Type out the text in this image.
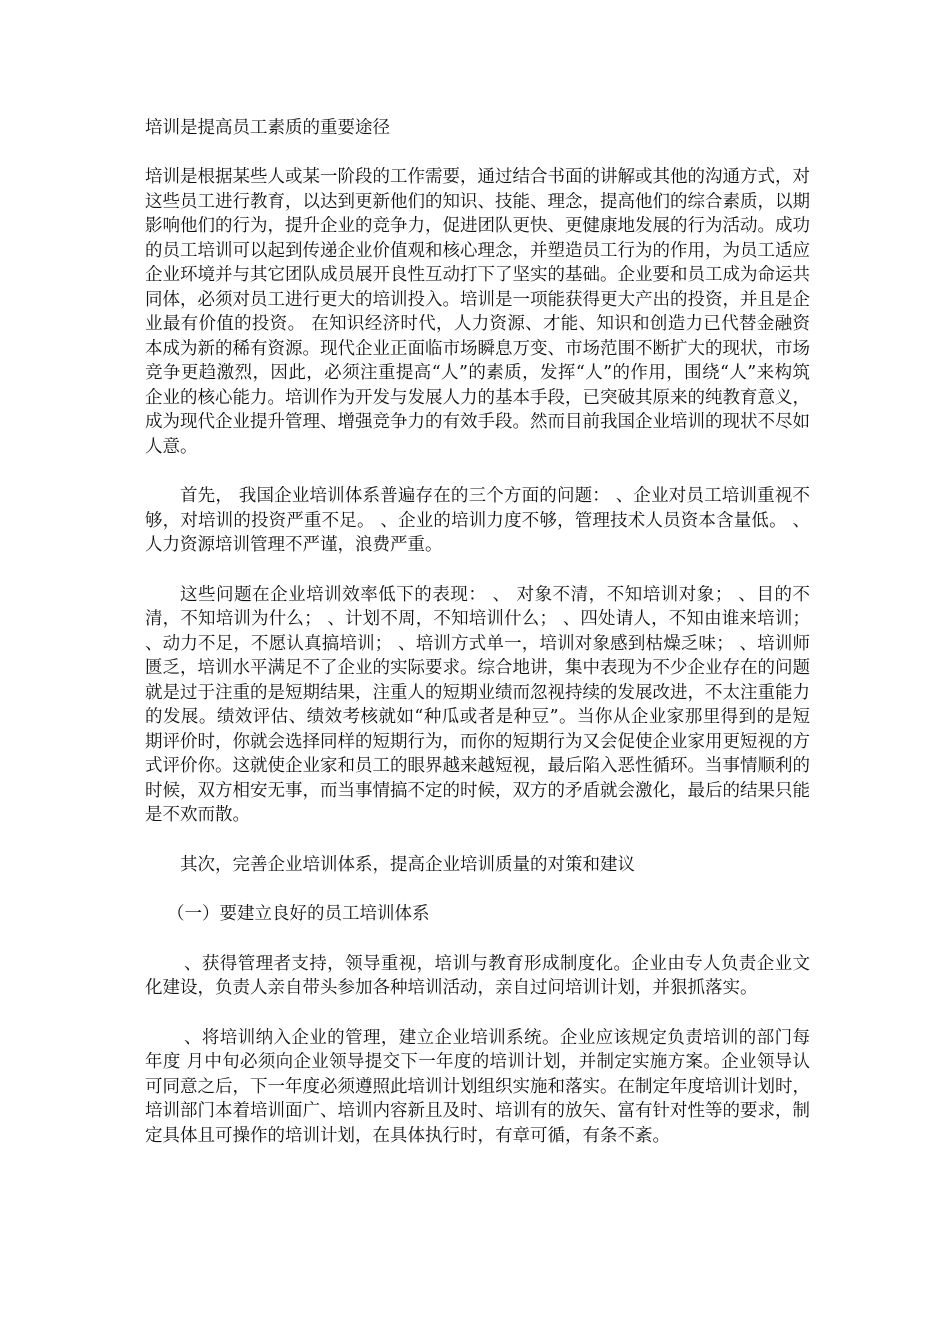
培训是提高员工素质的重要途径
培训是根据某些人或某一阶段的工作需要，通过结合书面的讲解或其他的沟通方式，对这些员工进行教育，以达到更新他们的知识、技能、理念，提高他们的综合素质，以期影响他们的行为，提升企业的竞争力，促进团队更快、更健康地发展的行为活动。成功的员工培训可以起到传递企业价值观和核心理念，并塑造员工行为的作用，为员工适应企业环境并与其它团队成员展开良性互动打下了坚实的基础。企业要和员工成为命运共同体，必须对员工进行更大的培训投入。培训是一项能获得更大产出的投资，并且是企业最有价值的投资。 在知识经济时代，人力资源、才能、知识和创造力已代替金融资本成为新的稀有资源。现代企业正面临市场瞬息万变、市场范围不断扩大的现状，市场竞争更趋激烈，因此，必须注重提高“人”的素质，发挥“人”的作用，围绕“人”来构筑企业的核心能力。培训作为开发与发展人力的基本手段，已突破其原来的纯教育意义，成为现代企业提升管理、增强竞争力的有效手段。然而目前我国企业培训的现状不尽如人意。
首先， 我国企业培训体系普遍存在的三个方面的问题： 、企业对员工培训重视不够，对培训的投资严重不足。 、企业的培训力度不够，管理技术人员资本含量低。 、人力资源培训管理不严谨，浪费严重。
这些问题在企业培训效率低下的表现： 、 对象不清，不知培训对象； 、目的不清，不知培训为什么； 、计划不周，不知培训什么； 、四处请人，不知由谁来培训； 、动力不足，不愿认真搞培训； 、培训方式单一，培训对象感到枯燥乏味； 、培训师匮乏，培训水平满足不了企业的实际要求。综合地讲，集中表现为不少企业存在的问题就是过于注重的是短期结果，注重人的短期业绩而忽视持续的发展改进，不太注重能力的发展。绩效评估、绩效考核就如“种瓜或者是种豆”。当你从企业家那里得到的是短期评价时，你就会选择同样的短期行为，而你的短期行为又会促使企业家用更短视的方式评价你。这就使企业家和员工的眼界越来越短视，最后陷入恶性循环。当事情顺利的时候，双方相安无事，而当事情搞不定的时候，双方的矛盾就会激化，最后的结果只能是不欢而散。
其次，完善企业培训体系，提高企业培训质量的对策和建议
（一）要建立良好的员工培训体系
、获得管理者支持，领导重视，培训与教育形成制度化。企业由专人负责企业文化建设，负责人亲自带头参加各种培训活动，亲自过问培训计划，并狠抓落实。
、将培训纳入企业的管理，建立企业培训系统。企业应该规定负责培训的部门每年度 月中旬必须向企业领导提交下一年度的培训计划，并制定实施方案。企业领导认可同意之后，下一年度必须遵照此培训计划组织实施和落实。在制定年度培训计划时，培训部门本着培训面广、培训内容新且及时、培训有的放矢、富有针对性等的要求，制定具体且可操作的培训计划，在具体执行时，有章可循，有条不紊。
